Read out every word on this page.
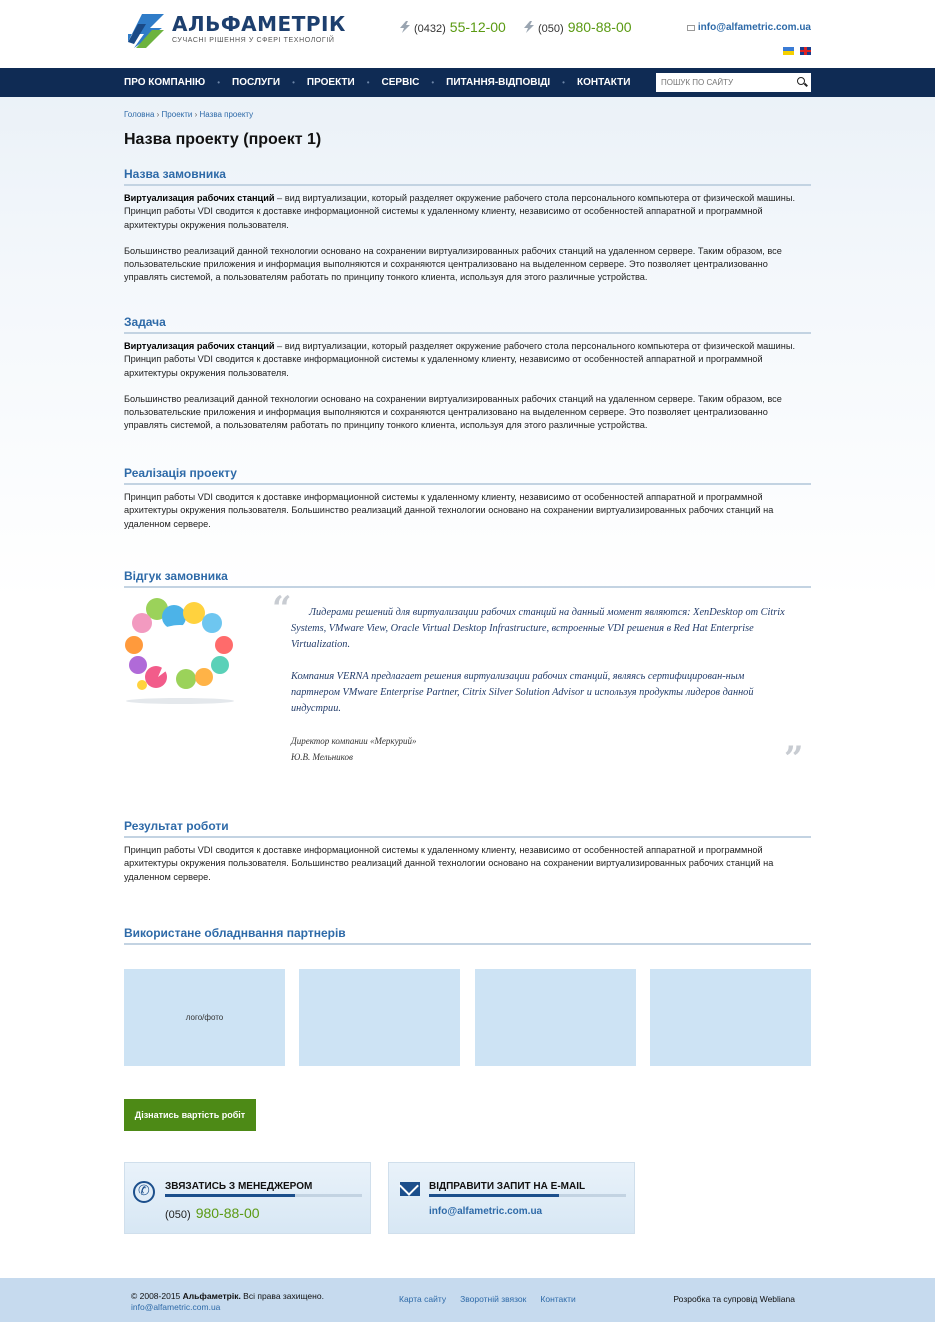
АЛЬФАМЕТРІК
СУЧАСНІ РІШЕННЯ У СФЕРІ ТЕХНОЛОГІЙ
(0432) 55-12-00	(050) 980-88-00	info@alfametric.com.ua
ПРО КОМПАНІЮ • ПОСЛУГИ • ПРОЕКТИ • СЕРВІС • ПИТАННЯ-ВІДПОВІДІ • КОНТАКТИ
ПОШУК ПО САЙТУ
Головна › Проекти › Назва проекту
Назва проекту (проект 1)
Назва замовника

Виртуализация рабочих станций – вид виртуализации, который разделяет окружение рабочего стола персонального компьютера от физической машины. Принцип работы VDI сводится к доставке информационной системы к удаленному клиенту, независимо от особенностей аппаратной и программной архитектуры окружения пользователя.

Большинство реализаций данной технологии основано на сохранении виртуализированных рабочих станций на удаленном сервере. Таким образом, все пользовательские приложения и информация выполняются и сохраняются централизовано на выделенном сервере. Это позволяет централизованно управлять системой, а пользователям работать по принципу тонкого клиента, используя для этого различные устройства.

Задача

Виртуализация рабочих станций – вид виртуализации, который разделяет окружение рабочего стола персонального компьютера от физической машины. Принцип работы VDI сводится к доставке информационной системы к удаленному клиенту, независимо от особенностей аппаратной и программной архитектуры окружения пользователя.

Большинство реализаций данной технологии основано на сохранении виртуализированных рабочих станций на удаленном сервере. Таким образом, все пользовательские приложения и информация выполняются и сохраняются централизовано на выделенном сервере. Это позволяет централизованно управлять системой, а пользователям работать по принципу тонкого клиента, используя для этого различные устройства.

Реалізація проекту

Принцип работы VDI сводится к доставке информационной системы к удаленному клиенту, независимо от особенностей аппаратной и программной архитектуры окружения пользователя. Большинство реализаций данной технологии основано на сохранении виртуализированных рабочих станций на удаленном сервере.

Відгук замовника
“	Лидерами решений для виртуализации рабочих станций на данный момент являются: XenDesktop от Citrix Systems, VMware View, Oracle Virtual Desktop Infrastructure, встроенные VDI решения в Red Hat Enterprise Virtualization.

Компания VERNA предлагает решения виртуализации рабочих станций, являясь сертифицирован-ным партнером VMware Enterprise Partner, Citrix Silver Solution Advisor и используя продукты лидеров данной индустрии.

Директор компании «Меркурий»

Ю.В. Мельников	”
Результат роботи

Принцип работы VDI сводится к доставке информационной системы к удаленному клиенту, независимо от особенностей аппаратной и программной архитектуры окружения пользователя. Большинство реализаций данной технологии основано на сохранении виртуализированных рабочих станций на удаленном сервере.

Використане обладнвання партнерів
лого/фото
Дізнатись вартість робіт
✆
ЗВЯЗАТИСЬ З МЕНЕДЖЕРОМ
(050) 980-88-00
ВІДПРАВИТИ ЗАПИТ НА E-MAIL
info@alfametric.com.ua
© 2008-2015 Альфаметрік. Всі права захищено.
info@alfametric.com.ua
Карта сайту Зворотній звязок Контакти	Розробка та супровід Webliana
